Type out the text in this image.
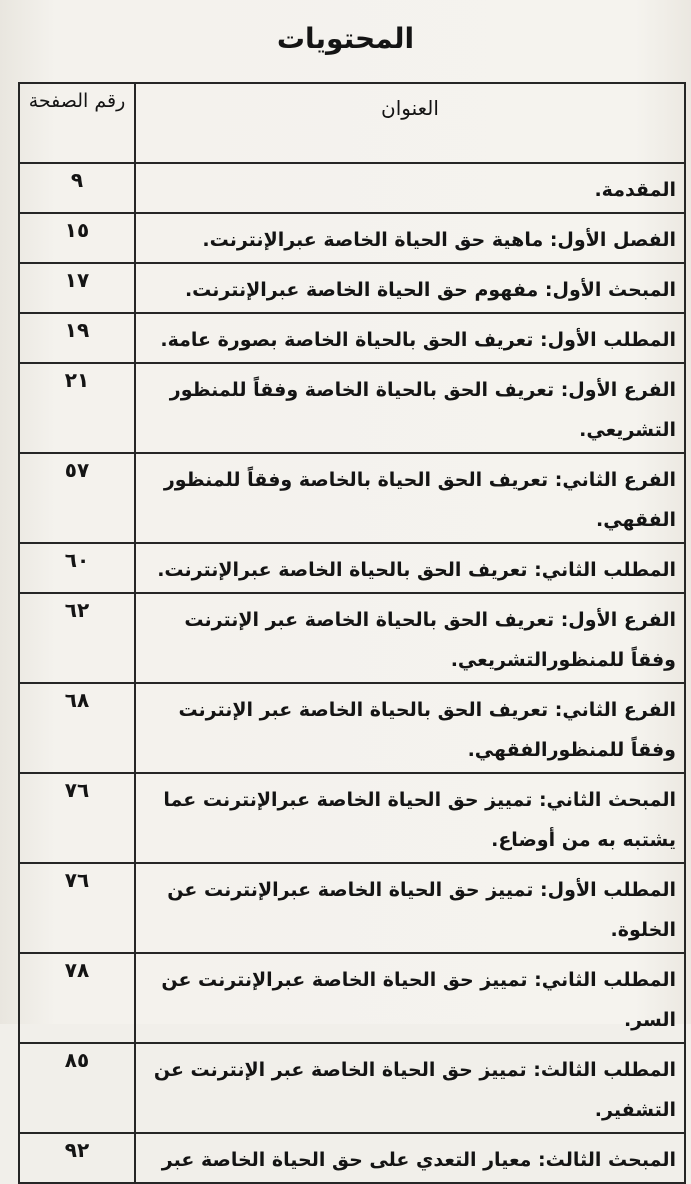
المحتويات
العنوان	رقم الصفحة

المقدمة.	٩
الفصل الأول: ماهية حق الحياة الخاصة عبرالإنترنت.	١٥
المبحث الأول: مفهوم حق الحياة الخاصة عبرالإنترنت.	١٧
المطلب الأول: تعريف الحق بالحياة الخاصة بصورة عامة.	١٩
الفرع الأول: تعريف الحق بالحياة الخاصة وفقاً للمنظور التشريعي.	٢١
الفرع الثاني: تعريف الحق الحياة بالخاصة وفقاً للمنظور الفقهي.	٥٧
المطلب الثاني: تعريف الحق بالحياة الخاصة عبرالإنترنت.	٦٠
الفرع الأول: تعريف الحق بالحياة الخاصة عبر الإنترنت وفقاً للمنظورالتشريعي.	٦٢
الفرع الثاني: تعريف الحق بالحياة الخاصة عبر الإنترنت وفقاً للمنظورالفقهي.	٦٨
المبحث الثاني: تمييز حق الحياة الخاصة عبرالإنترنت عما يشتبه به من أوضاع.	٧٦
المطلب الأول: تمييز حق الحياة الخاصة عبرالإنترنت عن الخلوة.	٧٦
المطلب الثاني: تمييز حق الحياة الخاصة عبرالإنترنت عن السر.	٧٨
المطلب الثالث: تمييز حق الحياة الخاصة عبر الإنترنت عن التشفير.	٨٥
المبحث الثالث: معيار التعدي على حق الحياة الخاصة عبر	٩٢
